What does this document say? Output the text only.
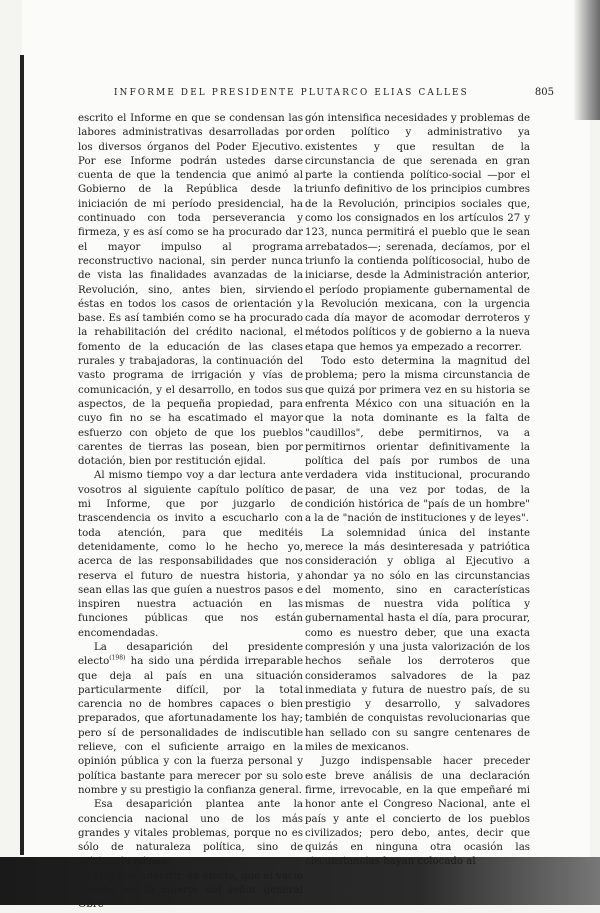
INFORME DEL PRESIDENTE PLUTARCO ELIAS CALLES	805

escrito el Informe en que se condensan las labores administrativas desarrolladas por los diversos órganos del Poder Ejecutivo. Por ese Informe podrán ustedes darse cuenta de que la tendencia que animó al Gobierno de la República desde la iniciación de mi período presidencial, ha continuado con toda perseverancia y firmeza, y es así como se ha procurado dar el mayor impulso al programa reconstructivo nacional, sin perder nunca de vista las finalidades avanzadas de la Revolución, sino, antes bien, sirviendo éstas en todos los casos de orientación y base. Es así también como se ha procurado la rehabilitación del crédito nacional, el fomento de la educación de las clases rurales y trabajadoras, la continuación del vasto programa de irrigación y vías de comunicación, y el desarrollo, en todos sus aspectos, de la pequeña propiedad, para cuyo fin no se ha escatimado el mayor esfuerzo con objeto de que los pueblos carentes de tierras las posean, bien por dotación, bien por restitución ejidal.

Al mismo tiempo voy a dar lectura ante vosotros al siguiente capítulo político de mi Informe, que por juzgarlo de trascendencia os invito a escucharlo con toda atención, para que meditéis detenidamente, como lo he hecho yo, acerca de las responsabilidades que nos reserva el futuro de nuestra historia, y sean ellas las que guíen a nuestros pasos e inspiren nuestra actuación en las funciones públicas que nos están encomendadas.

La desaparición del presidente electo$^{(198)}$ ha sido una pérdida irreparable que deja al país en una situación particularmente difícil, por la total carencia no de hombres capaces o bien preparados, que afortunadamente los hay; pero sí de personalidades de indiscutible relieve, con el suficiente arraigo en la opinión pública y con la fuerza personal y política bastante para merecer por su solo nombre y su prestigio la confianza general.

Esa desaparición plantea ante la conciencia nacional uno de los más grandes y vitales problemas, porque no es sólo de naturaleza política, sino de existencia misma.

Hay que advertir, en efecto, que el vacío creado por la muerte del señor general Obre-

gón intensifica necesidades y problemas de orden político y administrativo ya existentes y que resultan de la circunstancia de que serenada en gran parte la contienda político-social —por el triunfo definitivo de los principios cumbres de la Revolución, principios sociales que, como los consignados en los artículos 27 y 123, nunca permitirá el pueblo que le sean arrebatados—; serenada, decíamos, por el triunfo la contienda políticosocial, hubo de iniciarse, desde la Administración anterior, el período propiamente gubernamental de la Revolución mexicana, con la urgencia cada día mayor de acomodar derroteros y métodos políticos y de gobierno a la nueva etapa que hemos ya empezado a recorrer.

Todo esto determina la magnitud del problema; pero la misma circunstancia de que quizá por primera vez en su historia se enfrenta México con una situación en la que la nota dominante es la falta de "caudillos", debe permitirnos, va a permitirnos orientar definitivamente la política del país por rumbos de una verdadera vida institucional, procurando pasar, de una vez por todas, de la condición histórica de "país de un hombre" a la de "nación de instituciones y de leyes".

La solemnidad única del instante merece la más desinteresada y patriótica consideración y obliga al Ejecutivo a ahondar ya no sólo en las circunstancias del momento, sino en características mismas de nuestra vida política y gubernamental hasta el día, para procurar, como es nuestro deber, que una exacta compresión y una justa valorización de los hechos señale los derroteros que consideramos salvadores de la paz inmediata y futura de nuestro país, de su prestigio y desarrollo, y salvadores también de conquistas revolucionarias que han sellado con su sangre centenares de miles de mexicanos.

Juzgo indispensable hacer preceder este breve análisis de una declaración firme, irrevocable, en la que empeñaré mi honor ante el Congreso Nacional, ante el país y ante el concierto de los pueblos civilizados; pero debo, antes, decir que quizás en ninguna otra ocasión las circunstancias hayan colocado al
